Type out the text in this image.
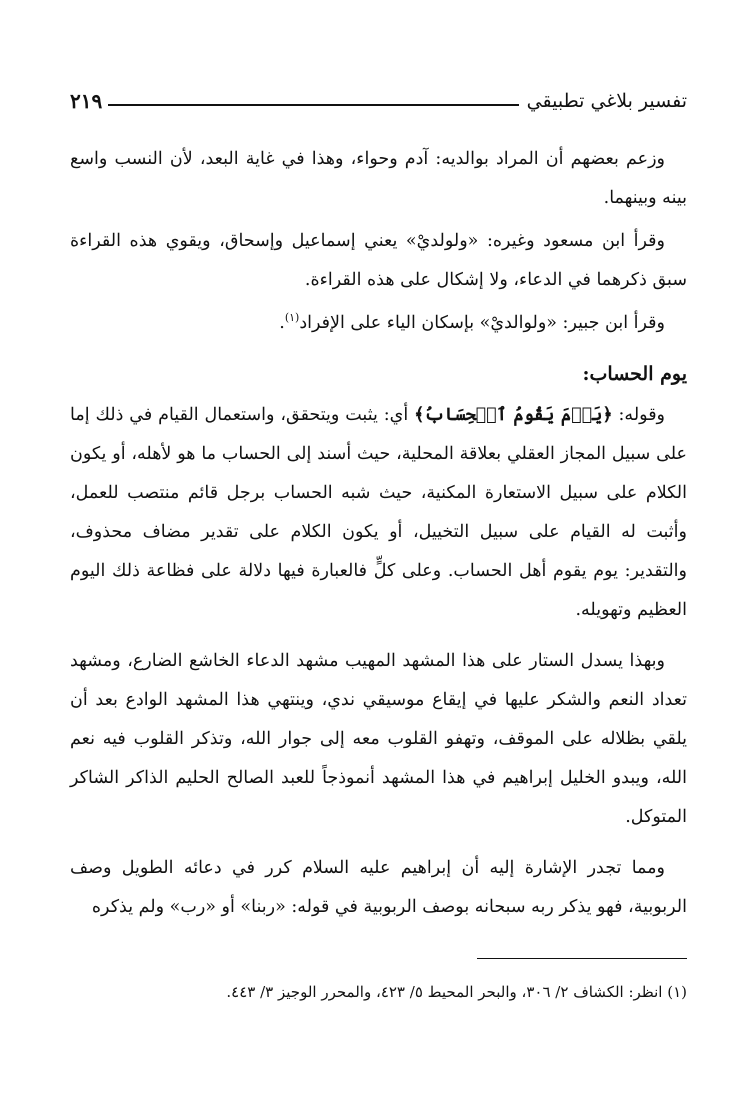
تفسير بلاغي تطبيقي
٢١٩

وزعم بعضهم أن المراد بوالديه: آدم وحواء، وهذا في غاية البعد، لأن النسب واسع بينه وبينهما.

وقرأ ابن مسعود وغيره: «ولولديْ» يعني إسماعيل وإسحاق، ويقوي هذه القراءة سبق ذكرهما في الدعاء، ولا إشكال على هذه القراءة.

وقرأ ابن جبير: «ولوالديْ» بإسكان الياء على الإفراد$^{(١)}$.

يوم الحساب:

وقوله: ﴿يَوۡمَ يَقُومُ ٱلۡحِسَابُ﴾ أي: يثبت ويتحقق، واستعمال القيام في ذلك إما على سبيل المجاز العقلي بعلاقة المحلية، حيث أسند إلى الحساب ما هو لأهله، أو يكون الكلام على سبيل الاستعارة المكنية، حيث شبه الحساب برجل قائم منتصب للعمل، وأثبت له القيام على سبيل التخييل، أو يكون الكلام على تقدير مضاف محذوف، والتقدير: يوم يقوم أهل الحساب. وعلى كلٍّ فالعبارة فيها دلالة على فظاعة ذلك اليوم العظيم وتهويله.

وبهذا يسدل الستار على هذا المشهد المهيب مشهد الدعاء الخاشع الضارع، ومشهد تعداد النعم والشكر عليها في إيقاع موسيقي ندي، وينتهي هذا المشهد الوادع بعد أن يلقي بظلاله على الموقف، وتهفو القلوب معه إلى جوار الله، وتذكر القلوب فيه نعم الله، ويبدو الخليل إبراهيم في هذا المشهد أنموذجاً للعبد الصالح الحليم الذاكر الشاكر المتوكل.

ومما تجدر الإشارة إليه أن إبراهيم عليه السلام كرر في دعائه الطويل وصف الربوبية، فهو يذكر ربه سبحانه بوصف الربوبية في قوله: «ربنا» أو «رب» ولم يذكره

(١) انظر: الكشاف ٢/ ٣٠٦، والبحر المحيط ٥/ ٤٢٣، والمحرر الوجيز ٣/ ٤٤٣.
